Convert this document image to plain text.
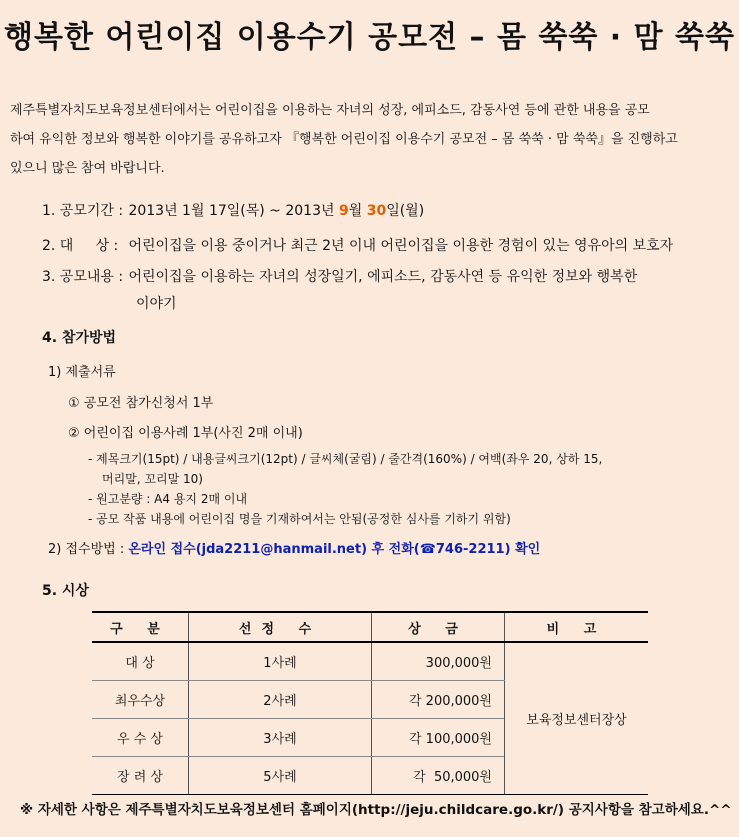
행복한 어린이집 이용수기 공모전 – 몸 쑥쑥 · 맘 쑥쑥
제주특별자치도보육정보센터에서는 어린이집을 이용하는 자녀의 성장, 에피소드, 감동사연 등에 관한 내용을 공모
하여 유익한 정보와 행복한 이야기를 공유하고자 『행복한 어린이집 이용수기 공모전 – 몸 쑥쑥 · 맘 쑥쑥』을 진행하고
있으니 많은 참여 바랍니다.
1. 공모기간 : 2013년 1월 17일(목) ~ 2013년 9월 30일(월)
2. 대     상 : 어린이집을 이용 중이거나 최근 2년 이내 어린이집을 이용한 경험이 있는 영유아의 보호자
3. 공모내용 : 어린이집을 이용하는 자녀의 성장일기, 에피소드, 감동사연 등 유익한 정보와 행복한
이야기
4. 참가방법
1) 제출서류
① 공모전 참가신청서 1부
② 어린이집 이용사례 1부(사진 2매 이내)
- 제목크기(15pt) / 내용글씨크기(12pt) / 글씨체(굴림) / 줄간격(160%) / 여백(좌우 20, 상하 15,
머리말, 꼬리말 10)
- 원고분량 : A4 용지 2매 이내
- 공모 작품 내용에 어린이집 명을 기재하여서는 안됨(공정한 심사를 기하기 위함)
2) 접수방법 : 온라인 접수(jda2211@hanmail.net) 후 전화(☎746-2211) 확인
5. 시상
구 분	선정 수	상 금	비 고
대 상	1사례	300,000원	보육정보센터장상
최우수상	2사례	각 200,000원	
우 수 상	3사례	각 100,000원	
장 려 상	5사례	각  50,000원	
※ 자세한 사항은 제주특별자치도보육정보센터 홈페이지(http://jeju.childcare.go.kr/) 공지사항을 참고하세요.^^
